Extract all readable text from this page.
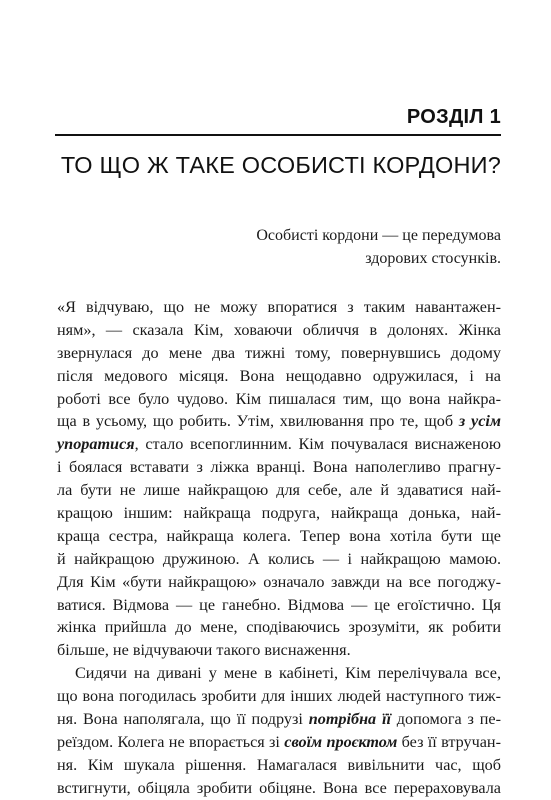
РОЗДІЛ 1
ТО ЩО Ж ТАКЕ ОСОБИСТІ КОРДОНИ?
Особисті кордони — це передумова
здорових стосунків.
«Я відчуваю, що не можу впоратися з таким навантажен-
ням», — сказала Кім, ховаючи обличчя в долонях. Жінка
звернулася до мене два тижні тому, повернувшись додому
після медового місяця. Вона нещодавно одружилася, і на
роботі все було чудово. Кім пишалася тим, що вона найкра-
ща в усьому, що робить. Утім, хвилювання про те, щоб з усім
упоратися, стало всепоглинним. Кім почувалася виснаженою
і боялася вставати з ліжка вранці. Вона наполегливо прагну-
ла бути не лише найкращою для себе, але й здаватися най-
кращою іншим: найкраща подруга, найкраща донька, най-
краща сестра, найкраща колега. Тепер вона хотіла бути ще
й найкращою дружиною. А колись — і найкращою мамою.
Для Кім «бути найкращою» означало завжди на все погоджу-
ватися. Відмова — це ганебно. Відмова — це егоїстично. Ця
жінка прийшла до мене, сподіваючись зрозуміти, як робити
більше, не відчуваючи такого виснаження.
Сидячи на дивані у мене в кабінеті, Кім перелічувала все,
що вона погодилась зробити для інших людей наступного тиж-
ня. Вона наполягала, що її подрузі потрібна її допомога з пе-
реїздом. Колега не впорається зі своїм проєктом без її втручан-
ня. Кім шукала рішення. Намагалася вивільнити час, щоб
встигнути, обіцяла зробити обіцяне. Вона все перераховувала
